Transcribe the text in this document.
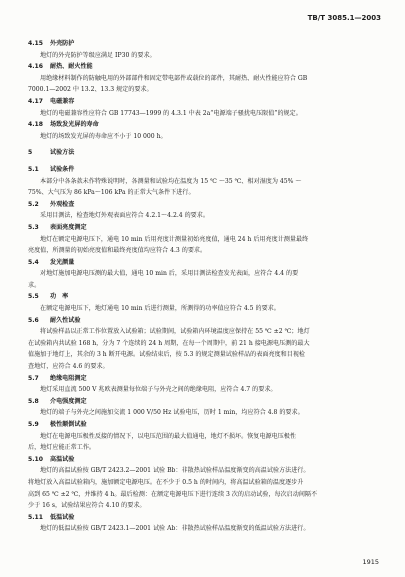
TB/T 3085.1—2003
4.15 外壳防护
地灯的外壳防护等级应满足 IP30 的要求。
4.16 耐热、耐火性能
用绝缘材料制作的防触电用的外部部件和固定带电部件或载位的部件，其耐热、耐火性能应符合 GB
7000.1—2002 中 13.2、13.3 规定的要求。
4.17 电磁兼容
地灯的电磁兼容性应符合 GB 17743—1999 的 4.3.1 中表 2a“电源端子骚扰电压限值”的规定。
4.18 场致发光屏的寿命
地灯的场致发光屏的寿命应不小于 10 000 h。
5	试验方法
5.1 试验条件
本部分中各条款未作特殊说明时，各测量和试验均在温度为 15 ℃ ～35 ℃、相对湿度为 45% ～
75%、大气压为 86 kPa～106 kPa 的正常大气条件下进行。
5.2 外观检查
采用目测法，检查地灯外观表面应符合 4.2.1～4.2.4 的要求。
5.3 表面亮度测定
地灯在额定电源电压下，通电 10 min 后用亮度计测量初始亮度值，通电 24 h 后用亮度计测量最终
亮度值，所测量的初始亮度值和最终亮度值均应符合 4.3 的要求。
5.4 发光颜量
对地灯施加电源电压测的最大值，通电 10 min 后，采用目测法检查发光表面，应符合 4.4 的要
求。
5.5 功　率
在额定电源电压下，地灯通电 10 min 后进行测量，所测得的功率值应符合 4.5 的要求。
5.6 耐久性试验
将试验样品以正常工作位置放入试验箱；试验期间，试验箱内环境温度应保持在 55 ℃ ±2 ℃；地灯
在试验箱内共试验 168 h，分为 7 个连续的 24 h 周期，在每一个周期中，前 21 h 接电源电压测的最大
值施加于地灯上，其余的 3 h 断开电源。试验结束后，按 5.3 的规定测量试验样品的表面亮度和目视检
查地灯，应符合 4.6 的要求。
5.7 绝缘电阻测定
地灯采用直流 500 V 兆欧表测量每位端子与外壳之间的绝缘电阻，应符合 4.7 的要求。
5.8 介电强度测定
地灯的端子与外壳之间施加交流 1 000 V/50 Hz 试验电压，历时 1 min，均应符合 4.8 的要求。
5.9 极性颠倒试验
地灯在电源电压极性反接的情况下，以电压范围的最大值通电，地灯不损坏。恢复电源电压极性
后，地灯应能正常工作。
5.10 高温试验
地灯的高温试验按 GB/T 2423.2—2001 试验 Bb：非散热试验样品温度渐变的高温试验方法进行。
将地灯放入高温试验箱内，施加额定电源电压。在不少于 0.5 h 的时间内，将高温试验箱的温度逐步升
高到 65 ℃ ±2 ℃，并维持 4 h。最后检测：在额定电源电压下进行连续 3 次的启动试验，每次启动间隔不
少于 16 s，试验结果应符合 4.10 的要求。
5.11 低温试验
地灯的低温试验按 GB/T 2423.1—2001 试验 Ab：非散热试验样品温度渐变的低温试验方法进行。
1915
